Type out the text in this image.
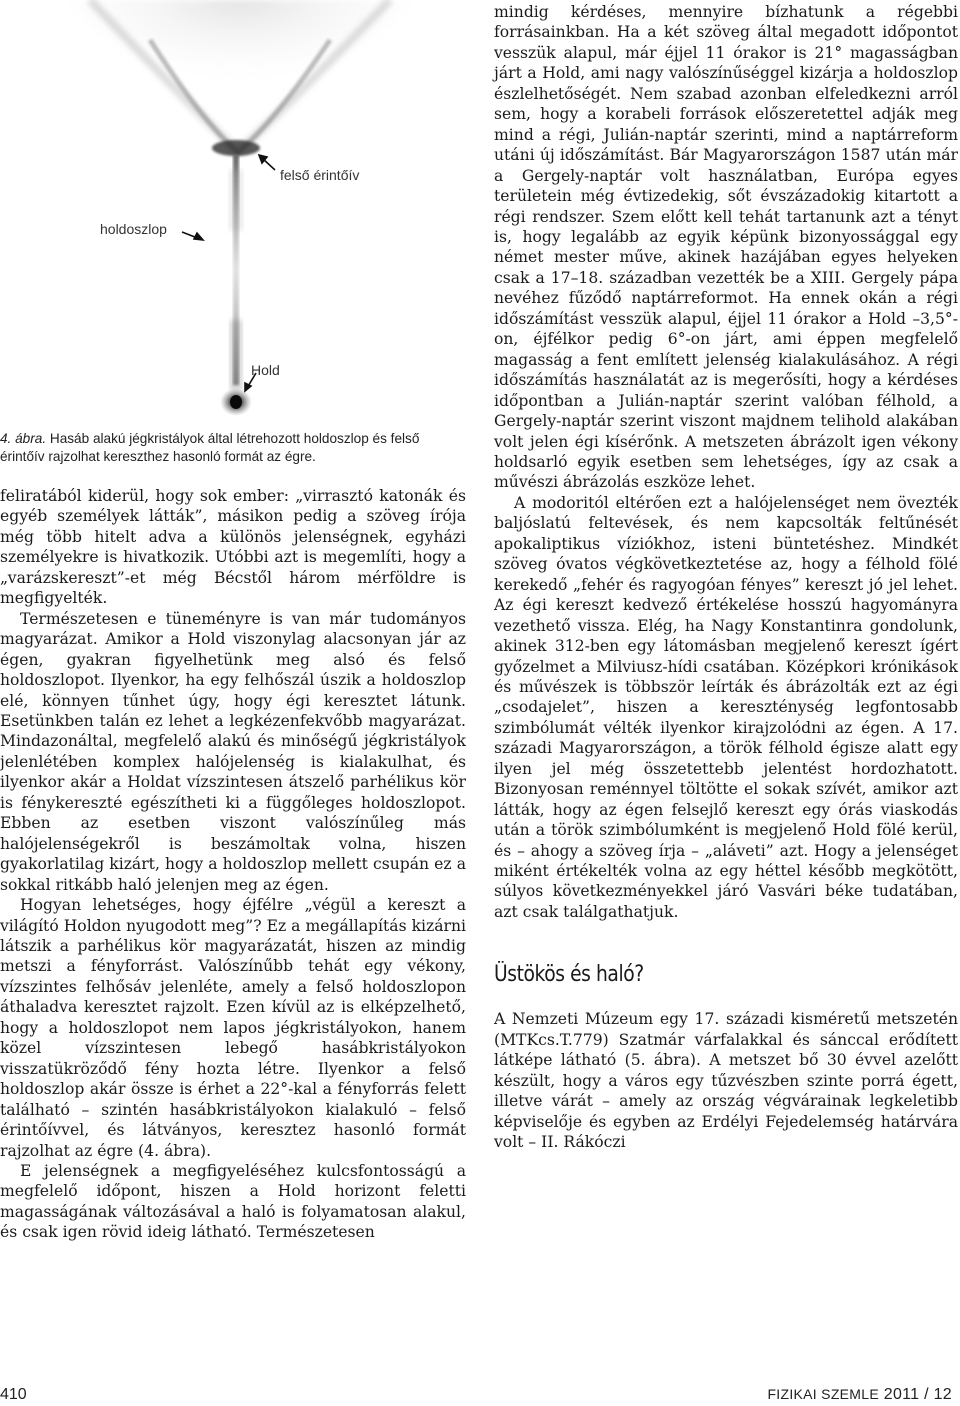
holdoszlop
felső érintőív
Hold

4. ábra. Hasáb alakú jégkristályok által létrehozott holdoszlop és felső érintőív rajzolhat kereszthez hasonló formát az égre.

feliratából kiderül, hogy sok ember: „virrasztó katonák és egyéb személyek látták”, másikon pedig a szöveg írója még több hitelt adva a különös jelenségnek, egyházi személyekre is hivatkozik. Utóbbi azt is megemlíti, hogy a „varázskereszt”-et még Bécstől három mérföldre is megfigyelték.

Természetesen e tüneményre is van már tudományos magyarázat. Amikor a Hold viszonylag alacsonyan jár az égen, gyakran figyelhetünk meg alsó és felső holdoszlopot. Ilyenkor, ha egy felhőszál úszik a holdoszlop elé, könnyen tűnhet úgy, hogy égi keresztet látunk. Esetünkben talán ez lehet a legkézenfekvőbb magyarázat. Mindazonáltal, megfelelő alakú és minőségű jégkristályok jelenlétében komplex halójelenség is kialakulhat, és ilyenkor akár a Holdat vízszintesen átszelő parhélikus kör is fénykereszté egészítheti ki a függőleges holdoszlopot. Ebben az esetben viszont valószínűleg más halójelenségekről is beszámoltak volna, hiszen gyakorlatilag kizárt, hogy a holdoszlop mellett csupán ez a sokkal ritkább haló jelenjen meg az égen.

Hogyan lehetséges, hogy éjfélre „végül a kereszt a világító Holdon nyugodott meg”? Ez a megállapítás kizárni látszik a parhélikus kör magyarázatát, hiszen az mindig metszi a fényforrást. Valószínűbb tehát egy vékony, vízszintes felhősáv jelenléte, amely a felső holdoszlopon áthaladva keresztet rajzolt. Ezen kívül az is elképzelhető, hogy a holdoszlopot nem lapos jégkristályokon, hanem közel vízszintesen lebegő hasábkristályokon visszatükröződő fény hozta létre. Ilyenkor a felső holdoszlop akár össze is érhet a 22°-kal a fényforrás felett található – szintén hasábkristályokon kialakuló – felső érintőívvel, és látványos, keresztez hasonló formát rajzolhat az égre (4. ábra).

E jelenségnek a megfigyeléséhez kulcsfontosságú a megfelelő időpont, hiszen a Hold horizont feletti magasságának változásával a haló is folyamatosan alakul, és csak igen rövid ideig látható. Természetesen

mindig kérdéses, mennyire bízhatunk a régebbi forrásainkban. Ha a két szöveg által megadott időpontot vesszük alapul, már éjjel 11 órakor is 21° magasságban járt a Hold, ami nagy valószínűséggel kizárja a holdoszlop észlelhetőségét. Nem szabad azonban elfeledkezni arról sem, hogy a korabeli források előszeretettel adják meg mind a régi, Julián-naptár szerinti, mind a naptárreform utáni új időszámítást. Bár Magyarországon 1587 után már a Gergely-naptár volt használatban, Európa egyes területein még évtizedekig, sőt évszázadokig kitartott a régi rendszer. Szem előtt kell tehát tartanunk azt a tényt is, hogy legalább az egyik képünk bizonyossággal egy német mester műve, akinek hazájában egyes helyeken csak a 17–18. században vezették be a XIII. Gergely pápa nevéhez fűződő naptárreformot. Ha ennek okán a régi időszámítást vesszük alapul, éjjel 11 órakor a Hold –3,5°-on, éjfélkor pedig 6°-on járt, ami éppen megfelelő magasság a fent említett jelenség kialakulásához. A régi időszámítás használatát az is megerősíti, hogy a kérdéses időpontban a Julián-naptár szerint valóban félhold, a Gergely-naptár szerint viszont majdnem telihold alakában volt jelen égi kísérőnk. A metszeten ábrázolt igen vékony holdsarló egyik esetben sem lehetséges, így az csak a művészi ábrázolás eszköze lehet.

A modoritól eltérően ezt a halójelenséget nem övezték baljóslatú feltevések, és nem kapcsolták feltűnését apokaliptikus víziókhoz, isteni büntetéshez. Mindkét szöveg óvatos végkövetkeztetése az, hogy a félhold fölé kerekedő „fehér és ragyogóan fényes” kereszt jó jel lehet. Az égi kereszt kedvező értékelése hosszú hagyományra vezethető vissza. Elég, ha Nagy Konstantinra gondolunk, akinek 312-ben egy látomásban megjelenő kereszt ígért győzelmet a Milviusz-hídi csatában. Középkori krónikások és művészek is többször leírták és ábrázolták ezt az égi „csodajelet”, hiszen a kereszténység legfontosabb szimbólumát vélték ilyenkor kirajzolódni az égen. A 17. századi Magyarországon, a török félhold égisze alatt egy ilyen jel még összetettebb jelentést hordozhatott. Bizonyosan reménnyel töltötte el sokak szívét, amikor azt látták, hogy az égen felsejlő kereszt egy órás viaskodás után a török szimbólumként is megjelenő Hold fölé kerül, és – ahogy a szöveg írja – „aláveti” azt. Hogy a jelenséget miként értékelték volna az egy héttel később megkötött, súlyos következményekkel járó Vasvári béke tudatában, azt csak találgathatjuk.

Üstökös és haló?

A Nemzeti Múzeum egy 17. századi kisméretű metszetén (MTKcs.T.779) Szatmár várfalakkal és sánccal erődített látképe látható (5. ábra). A metszet bő 30 évvel azelőtt készült, hogy a város egy tűzvészben szinte porrá égett, illetve várát – amely az ország végvárainak legkeletibb képviselője és egyben az Erdélyi Fejedelemség határvára volt – II. Rákóczi

410	FIZIKAI SZEMLE 2011 / 12
